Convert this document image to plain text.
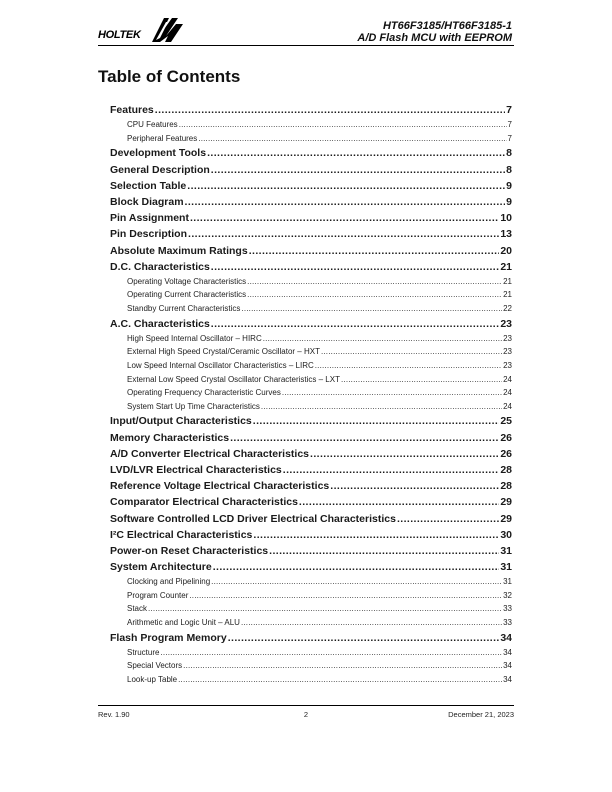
HOLTEK
HT66F3185/HT66F3185-1
A/D Flash MCU with EEPROM
Table of Contents
Features .....	7
CPU Features .....	7
Peripheral Features .....	7
Development Tools .....	8
General Description .....	8
Selection Table .....	9
Block Diagram .....	9
Pin Assignment .....	10
Pin Description .....	13
Absolute Maximum Ratings .....	20
D.C. Characteristics .....	21
Operating Voltage Characteristics .....	21
Operating Current Characteristics .....	21
Standby Current Characteristics .....	22
A.C. Characteristics .....	23
High Speed Internal Oscillator – HIRC .....	23
External High Speed Crystal/Ceramic Oscillator – HXT .....	23
Low Speed Internal Oscillator Characteristics – LIRC .....	23
External Low Speed Crystal Oscillator Characteristics – LXT .....	24
Operating Frequency Characteristic Curves .....	24
System Start Up Time Characteristics .....	24
Input/Output Characteristics .....	25
Memory Characteristics .....	26
A/D Converter Electrical Characteristics .....	26
LVD/LVR Electrical Characteristics .....	28
Reference Voltage Electrical Characteristics .....	28
Comparator Electrical Characteristics .....	29
Software Controlled LCD Driver Electrical Characteristics .....	29
I²C Electrical Characteristics .....	30
Power-on Reset Characteristics .....	31
System Architecture .....	31
Clocking and Pipelining .....	31
Program Counter .....	32
Stack .....	33
Arithmetic and Logic Unit – ALU .....	33
Flash Program Memory .....	34
Structure .....	34
Special Vectors .....	34
Look-up Table .....	34
Rev. 1.90	2	December 21, 2023
